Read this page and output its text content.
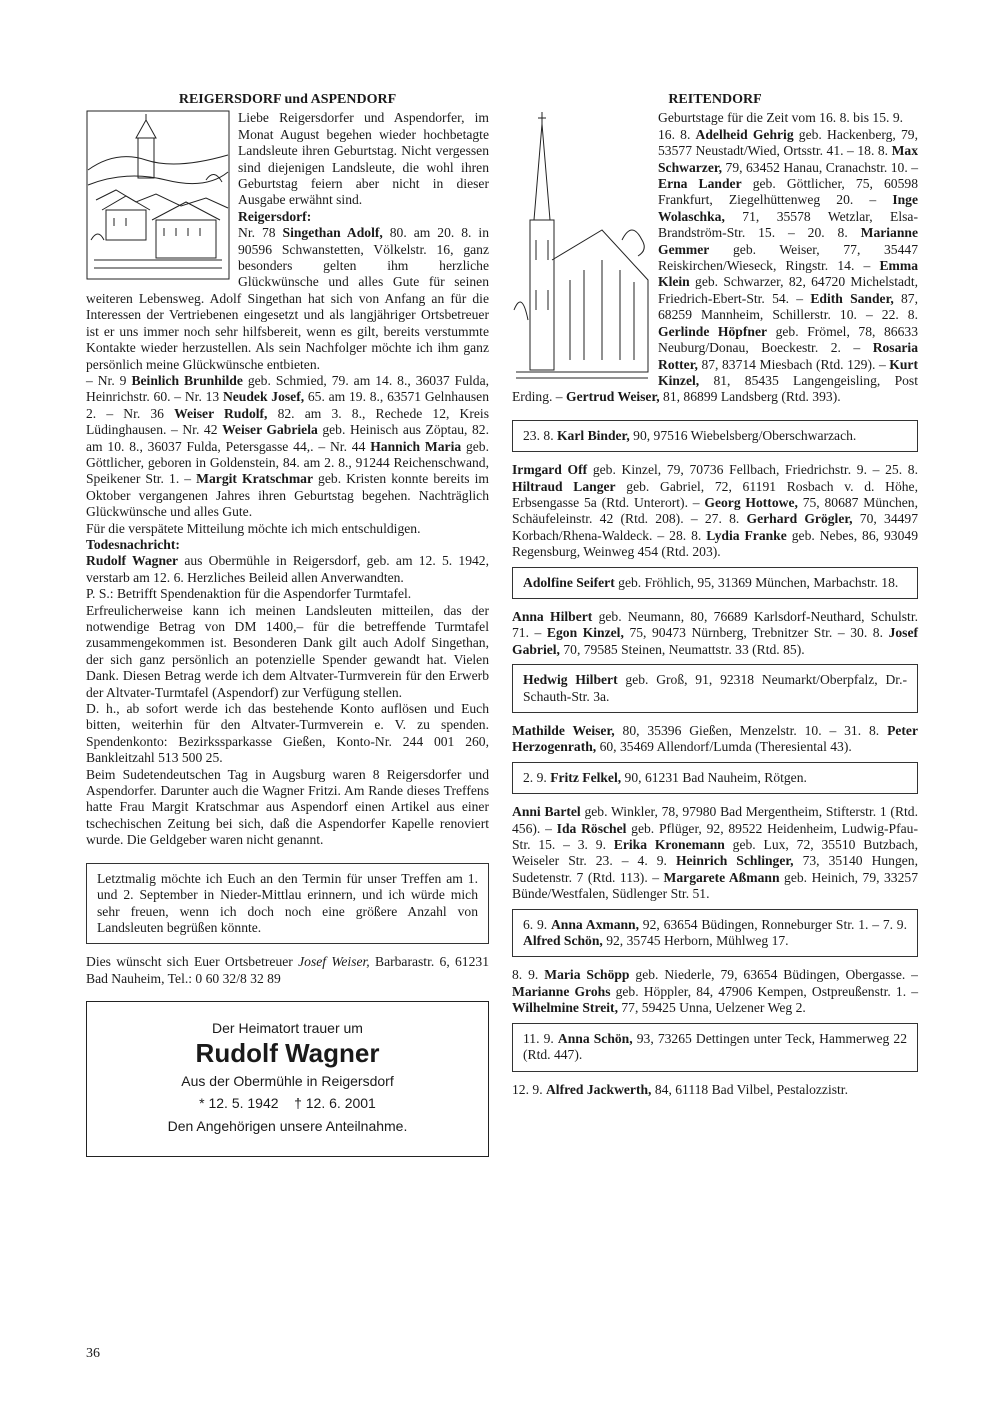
REIGERSDORF und ASPENDORF

Liebe Reigersdorfer und Aspendorfer, im Monat August begehen wieder hochbetagte Landsleute ihren Geburtstag. Nicht vergessen sind diejenigen Landsleute, die wohl ihren Geburtstag feiern aber nicht in dieser Ausgabe erwähnt sind.

Reigersdorf:

Nr. 78 Singethan Adolf, 80. am 20. 8. in 90596 Schwanstetten, Völkelstr. 16, ganz besonders gelten ihm herzliche Glückwünsche und alles Gute für seinen weiteren Lebensweg. Adolf Singethan hat sich von Anfang an für die Interessen der Vertriebenen eingesetzt und als langjähriger Ortsbetreuer ist er uns immer noch sehr hilfsbereit, wenn es gilt, bereits verstummte Kontakte wieder herzustellen. Als sein Nachfolger möchte ich ihm ganz persönlich meine Glückwünsche entbieten.

– Nr. 9 Beinlich Brunhilde geb. Schmied, 79. am 14. 8., 36037 Fulda, Heinrichstr. 60. – Nr. 13 Neudek Josef, 65. am 19. 8., 63571 Gelnhausen 2. – Nr. 36 Weiser Rudolf, 82. am 3. 8., Rechede 12, Kreis Lüdinghausen. – Nr. 42 Weiser Gabriela geb. Heinisch aus Zöptau, 82. am 10. 8., 36037 Fulda, Petersgasse 44,. – Nr. 44 Hannich Maria geb. Göttlicher, geboren in Goldenstein, 84. am 2. 8., 91244 Reichenschwand, Speikener Str. 1. – Margit Kratschmar geb. Kristen konnte bereits im Oktober vergangenen Jahres ihren Geburtstag begehen. Nachträglich Glückwünsche und alles Gute.

Für die verspätete Mitteilung möchte ich mich entschuldigen.

Todesnachricht:

Rudolf Wagner aus Obermühle in Reigersdorf, geb. am 12. 5. 1942, verstarb am 12. 6. Herzliches Beileid allen Anverwandten.

P. S.: Betrifft Spendenaktion für die Aspendorfer Turmtafel.

Erfreulicherweise kann ich meinen Landsleuten mitteilen, das der notwendige Betrag von DM 1400,– für die betreffende Turmtafel zusammengekommen ist. Besonderen Dank gilt auch Adolf Singethan, der sich ganz persönlich an potenzielle Spender gewandt hat. Vielen Dank. Diesen Betrag werde ich dem Altvater-Turmverein für den Erwerb der Altvater-Turmtafel (Aspendorf) zur Verfügung stellen.

D. h., ab sofort werde ich das bestehende Konto auflösen und Euch bitten, weiterhin für den Altvater-Turmverein e. V. zu spenden. Spendenkonto: Bezirkssparkasse Gießen, Konto-Nr. 244 001 260, Bankleitzahl 513 500 25.

Beim Sudetendeutschen Tag in Augsburg waren 8 Reigersdorfer und Aspendorfer. Darunter auch die Wagner Fritzi. Am Rande dieses Treffens hatte Frau Margit Kratschmar aus Aspendorf einen Artikel aus einer tschechischen Zeitung bei sich, daß die Aspendorfer Kapelle renoviert wurde. Die Geldgeber waren nicht genannt.

Letztmalig möchte ich Euch an den Termin für unser Treffen am 1. und 2. September in Nieder-Mittlau erinnern, und ich würde mich sehr freuen, wenn ich doch noch eine größere Anzahl von Landsleuten begrüßen könnte.

Dies wünscht sich Euer Ortsbetreuer Josef Weiser, Barbarastr. 6, 61231 Bad Nauheim, Tel.: 0 60 32/8 32 89

Der Heimatort trauer um
Rudolf Wagner
Aus der Obermühle in Reigersdorf
* 12. 5. 1942    † 12. 6. 2001
Den Angehörigen unsere Anteilnahme.
REITENDORF

Geburtstage für die Zeit vom 16. 8. bis 15. 9.
16. 8. Adelheid Gehrig geb. Hackenberg, 79, 53577 Neustadt/Wied, Ortsstr. 41. – 18. 8. Max Schwarzer, 79, 63452 Hanau, Cranachstr. 10. – Erna Lander geb. Göttlicher, 75, 60598 Frankfurt, Ziegelhüttenweg 20. – Inge Wolaschka, 71, 35578 Wetzlar, Elsa-Brandström-Str. 15. – 20. 8. Marianne Gemmer geb. Weiser, 77, 35447 Reiskirchen/Wieseck, Ringstr. 14. – Emma Klein geb. Schwarzer, 82, 64720 Michelstadt, Friedrich-Ebert-Str. 54. – Edith Sander, 87, 68259 Mannheim, Schillerstr. 10. – 22. 8. Gerlinde Höpfner geb. Frömel, 78, 86633 Neuburg/Donau, Boeckestr. 2. – Rosaria Rotter, 87, 83714 Miesbach (Rtd. 129). – Kurt Kinzel, 81, 85435 Langengeisling, Post Erding. – Gertrud Weiser, 81, 86899 Landsberg (Rtd. 393).

23. 8. Karl Binder, 90, 97516 Wiebelsberg/Oberschwarzach.

Irmgard Off geb. Kinzel, 79, 70736 Fellbach, Friedrichstr. 9. – 25. 8. Hiltraud Langer geb. Gabriel, 72, 61191 Rosbach v. d. Höhe, Erbsengasse 5a (Rtd. Unterort). – Georg Hottowe, 75, 80687 München, Schäufeleinstr. 42 (Rtd. 208). – 27. 8. Gerhard Grögler, 70, 34497 Korbach/Rhena-Waldeck. – 28. 8. Lydia Franke geb. Nebes, 86, 93049 Regensburg, Weinweg 454 (Rtd. 203).

Adolfine Seifert geb. Fröhlich, 95, 31369 München, Marbachstr. 18.

Anna Hilbert geb. Neumann, 80, 76689 Karlsdorf-Neuthard, Schulstr. 71. – Egon Kinzel, 75, 90473 Nürnberg, Trebnitzer Str. – 30. 8. Josef Gabriel, 70, 79585 Steinen, Neumattstr. 33 (Rtd. 85).

Hedwig Hilbert geb. Groß, 91, 92318 Neumarkt/Oberpfalz, Dr.-Schauth-Str. 3a.

Mathilde Weiser, 80, 35396 Gießen, Menzelstr. 10. – 31. 8. Peter Herzogenrath, 60, 35469 Allendorf/Lumda (Theresiental 43).

2. 9. Fritz Felkel, 90, 61231 Bad Nauheim, Rötgen.

Anni Bartel geb. Winkler, 78, 97980 Bad Mergentheim, Stifterstr. 1 (Rtd. 456). – Ida Röschel geb. Pflüger, 92, 89522 Heidenheim, Ludwig-Pfau-Str. 15. – 3. 9. Erika Kronemann geb. Lux, 72, 35510 Butzbach, Weiseler Str. 23. – 4. 9. Heinrich Schlinger, 73, 35140 Hungen, Sudetenstr. 7 (Rtd. 113). – Margarete Aßmann geb. Heinich, 79, 33257 Bünde/Westfalen, Südlenger Str. 51.

6. 9. Anna Axmann, 92, 63654 Büdingen, Ronneburger Str. 1. – 7. 9. Alfred Schön, 92, 35745 Herborn, Mühlweg 17.

8. 9. Maria Schöpp geb. Niederle, 79, 63654 Büdingen, Obergasse. – Marianne Grohs geb. Höppler, 84, 47906 Kempen, Ostpreußenstr. 1. – Wilhelmine Streit, 77, 59425 Unna, Uelzener Weg 2.

11. 9. Anna Schön, 93, 73265 Dettingen unter Teck, Hammerweg 22 (Rtd. 447).

12. 9. Alfred Jackwerth, 84, 61118 Bad Vilbel, Pestalozzistr.

36
